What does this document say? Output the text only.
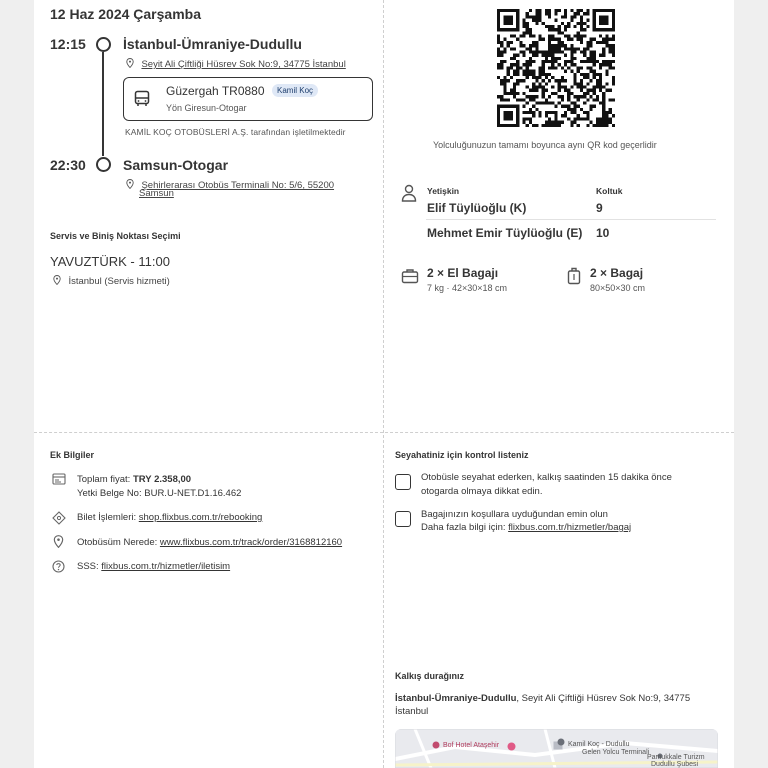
12 Haz 2024 Çarşamba
12:15	İstanbul-Ümraniye-Dudullu
Seyit Ali Çiftliği Hüsrev Sok No:9, 34775 İstanbul
Güzergah TR0880	Kamil Koç
Yön Giresun-Otogar
KAMİL KOÇ OTOBÜSLERİ A.Ş. tarafından işletilmektedir
22:30	Samsun-Otogar
Şehirlerarası Otobüs Terminali No: 5/6, 55200
Samsun
Servis ve Biniş Noktası Seçimi
YAVUZTÜRK - 11:00
İstanbul (Servis hizmeti)
Yolculuğunuzun tamamı boyunca aynı QR kod geçerlidir
Yetişkin	Koltuk
Elif Tüylüoğlu (K)	9
Mehmet Emir Tüylüoğlu (E) 10
2 × El Bagajı
7 kg · 42×30×18 cm
2 × Bagaj
80×50×30 cm
Ek Bilgiler
Toplam fiyat: TRY 2.358,00
Yetki Belge No: BUR.U-NET.D1.16.462
Bilet İşlemleri: shop.flixbus.com.tr/rebooking
Otobüsüm Nerede: www.flixbus.com.tr/track/order/3168812160
SSS: flixbus.com.tr/hizmetler/iletisim
Seyahatiniz için kontrol listeniz
Otobüsle seyahat ederken, kalkış saatinden 15 dakika önce
otogarda olmaya dikkat edin.
Bagajınızın koşullara uyduğundan emin olun
Daha fazla bilgi için: flixbus.com.tr/hizmetler/bagaj
Kalkış durağınız
İstanbul-Ümraniye-Dudullu, Seyit Ali Çiftliği Hüsrev Sok No:9, 34775
İstanbul
Bof Hotel Ataşehir	Kamil Koç - Dudullu
Gelen Yolcu Terminali
Pamukkale Turizm
Dudullu Şubesi
